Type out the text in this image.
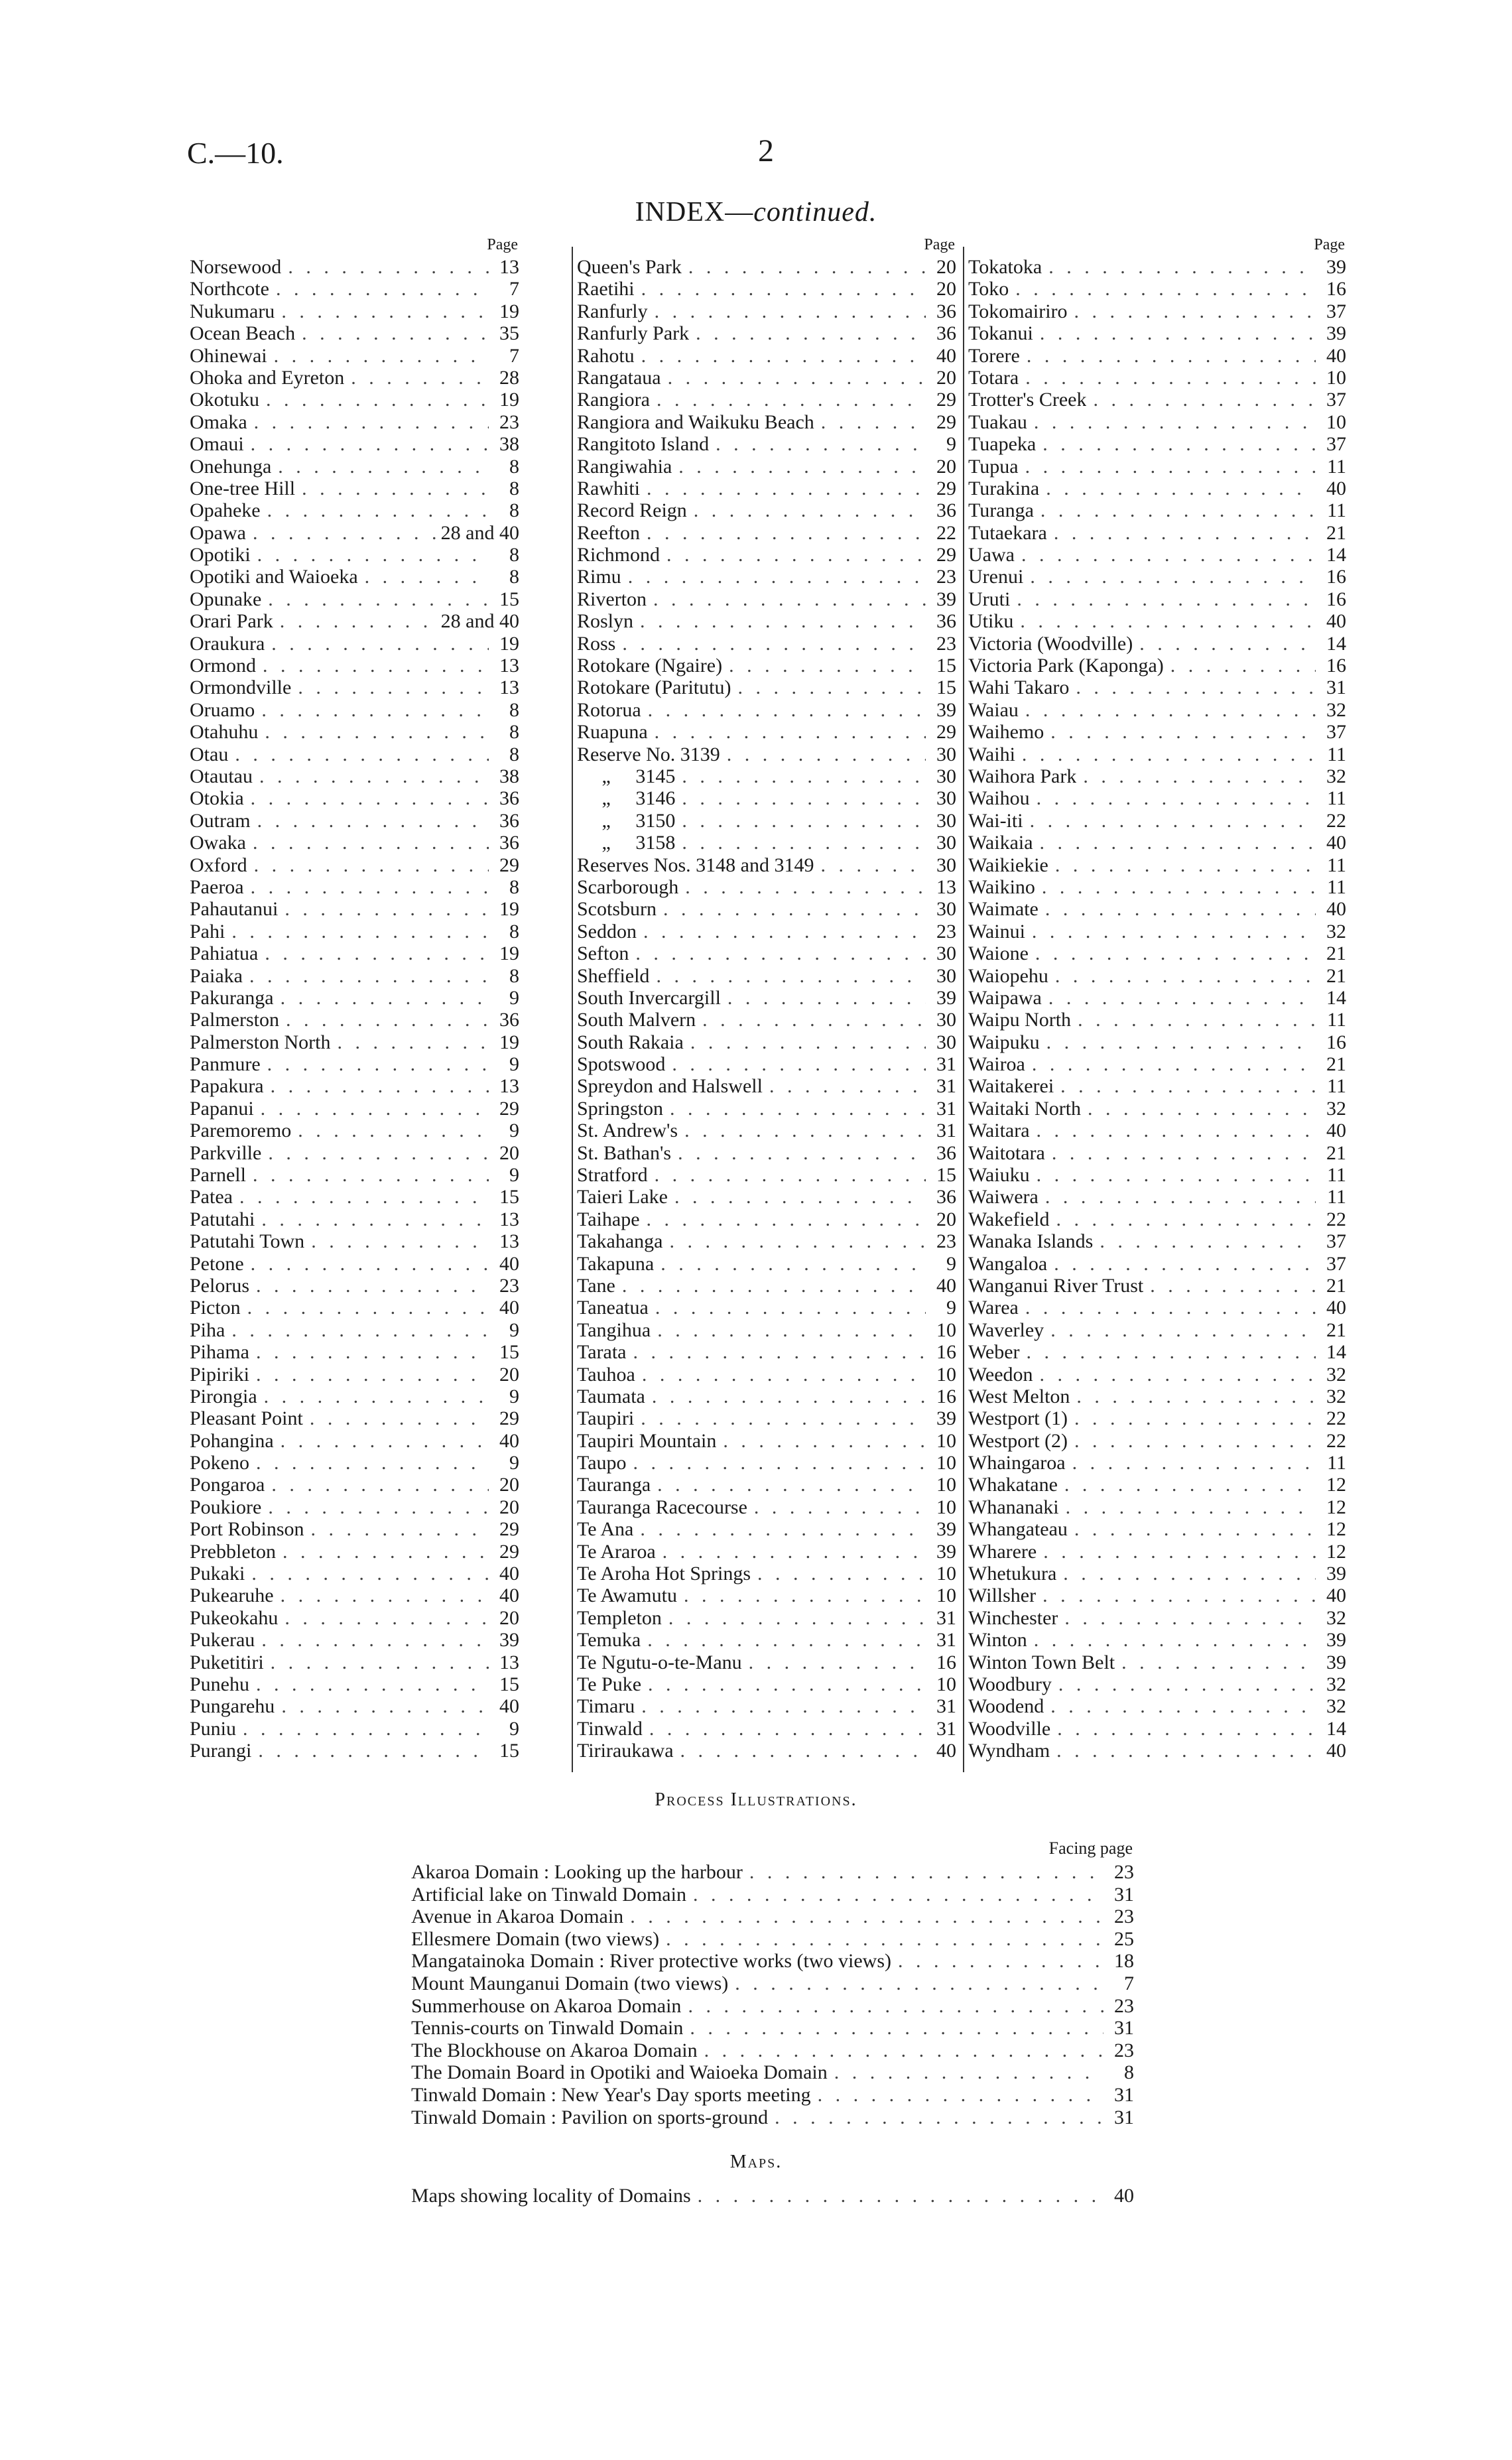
C.—10.	2
INDEX—continued.
Page
Norsewood . . .	13
Northcote . . .	7
Nukumaru . . .	19
Ocean Beach . . .	35
Ohinewai . . .	7
Ohoka and Eyreton . . .	28
Okotuku . . .	19
Omaka . . .	23
Omaui . . .	38
Onehunga . . .	8
One-tree Hill . . .	8
Opaheke . . .	8
Opawa . . .	28 and 40
Opotiki . . .	8
Opotiki and Waioeka . . .	8
Opunake . . .	15
Orari Park . . .	28 and 40
Oraukura . . .	19
Ormond . . .	13
Ormondville . . .	13
Oruamo . . .	8
Otahuhu . . .	8
Otau . . .	8
Otautau . . .	38
Otokia . . .	36
Outram . . .	36
Owaka . . .	36
Oxford . . .	29
Paeroa . . .	8
Pahautanui . . .	19
Pahi . . .	8
Pahiatua . . .	19
Paiaka . . .	8
Pakuranga . . .	9
Palmerston . . .	36
Palmerston North . . .	19
Panmure . . .	9
Papakura . . .	13
Papanui . . .	29
Paremoremo . . .	9
Parkville . . .	20
Parnell . . .	9
Patea . . .	15
Patutahi . . .	13
Patutahi Town . . .	13
Petone . . .	40
Pelorus . . .	23
Picton . . .	40
Piha . . .	9
Pihama . . .	15
Pipiriki . . .	20
Pirongia . . .	9
Pleasant Point . . .	29
Pohangina . . .	40
Pokeno . . .	9
Pongaroa . . .	20
Poukiore . . .	20
Port Robinson . . .	29
Prebbleton . . .	29
Pukaki . . .	40
Pukearuhe . . .	40
Pukeokahu . . .	20
Pukerau . . .	39
Puketitiri . . .	13
Punehu . . .	15
Pungarehu . . .	40
Puniu . . .	9
Purangi . . .	15
Page
Queen's Park . . .	20
Raetihi . . .	20
Ranfurly . . .	36
Ranfurly Park . . .	36
Rahotu . . .	40
Rangataua . . .	20
Rangiora . . .	29
Rangiora and Waikuku Beach . . .	29
Rangitoto Island . . .	9
Rangiwahia . . .	20
Rawhiti . . .	29
Record Reign . . .	36
Reefton . . .	22
Richmond . . .	29
Rimu . . .	23
Riverton . . .	39
Roslyn . . .	36
Ross . . .	23
Rotokare (Ngaire) . . .	15
Rotokare (Paritutu) . . .	15
Rotorua . . .	39
Ruapuna . . .	29
Reserve No. 3139 . . .	30
„     3145 . . .	30
„     3146 . . .	30
„     3150 . . .	30
„     3158 . . .	30
Reserves Nos. 3148 and 3149 . . .	30
Scarborough . . .	13
Scotsburn . . .	30
Seddon . . .	23
Sefton . . .	30
Sheffield . . .	30
South Invercargill . . .	39
South Malvern . . .	30
South Rakaia . . .	30
Spotswood . . .	31
Spreydon and Halswell . . .	31
Springston . . .	31
St. Andrew's . . .	31
St. Bathan's . . .	36
Stratford . . .	15
Taieri Lake . . .	36
Taihape . . .	20
Takahanga . . .	23
Takapuna . . .	9
Tane . . .	40
Taneatua . . .	9
Tangihua . . .	10
Tarata . . .	16
Tauhoa . . .	10
Taumata . . .	16
Taupiri . . .	39
Taupiri Mountain . . .	10
Taupo . . .	10
Tauranga . . .	10
Tauranga Racecourse . . .	10
Te Ana . . .	39
Te Araroa . . .	39
Te Aroha Hot Springs . . .	10
Te Awamutu . . .	10
Templeton . . .	31
Temuka . . .	31
Te Ngutu-o-te-Manu . . .	16
Te Puke . . .	10
Timaru . . .	31
Tinwald . . .	31
Tiriraukawa . . .	40
Page
Tokatoka . . .	39
Toko . . .	16
Tokomairiro . . .	37
Tokanui . . .	39
Torere . . .	40
Totara . . .	10
Trotter's Creek . . .	37
Tuakau . . .	10
Tuapeka . . .	37
Tupua . . .	11
Turakina . . .	40
Turanga . . .	11
Tutaekara . . .	21
Uawa . . .	14
Urenui . . .	16
Uruti . . .	16
Utiku . . .	40
Victoria (Woodville) . . .	14
Victoria Park (Kaponga) . . .	16
Wahi Takaro . . .	31
Waiau . . .	32
Waihemo . . .	37
Waihi . . .	11
Waihora Park . . .	32
Waihou . . .	11
Wai-iti . . .	22
Waikaia . . .	40
Waikiekie . . .	11
Waikino . . .	11
Waimate . . .	40
Wainui . . .	32
Waione . . .	21
Waiopehu . . .	21
Waipawa . . .	14
Waipu North . . .	11
Waipuku . . .	16
Wairoa . . .	21
Waitakerei . . .	11
Waitaki North . . .	32
Waitara . . .	40
Waitotara . . .	21
Waiuku . . .	11
Waiwera . . .	11
Wakefield . . .	22
Wanaka Islands . . .	37
Wangaloa . . .	37
Wanganui River Trust . . .	21
Warea . . .	40
Waverley . . .	21
Weber . . .	14
Weedon . . .	32
West Melton . . .	32
Westport (1) . . .	22
Westport (2) . . .	22
Whaingaroa . . .	11
Whakatane . . .	12
Whananaki . . .	12
Whangateau . . .	12
Wharere . . .	12
Whetukura . . .	39
Willsher . . .	40
Winchester . . .	32
Winton . . .	39
Winton Town Belt . . .	39
Woodbury . . .	32
Woodend . . .	32
Woodville . . .	14
Wyndham . . .	40
Process Illustrations.
Facing page
Akaroa Domain : Looking up the harbour . . .	23
Artificial lake on Tinwald Domain . . .	31
Avenue in Akaroa Domain . . .	23
Ellesmere Domain (two views) . . .	25
Mangatainoka Domain : River protective works (two views) . . .	18
Mount Maunganui Domain (two views) . . .	7
Summerhouse on Akaroa Domain . . .	23
Tennis-courts on Tinwald Domain . . .	31
The Blockhouse on Akaroa Domain . . .	23
The Domain Board in Opotiki and Waioeka Domain . . .	8
Tinwald Domain : New Year's Day sports meeting . . .	31
Tinwald Domain : Pavilion on sports-ground . . .	31
Maps.
Maps showing locality of Domains . . .	40
